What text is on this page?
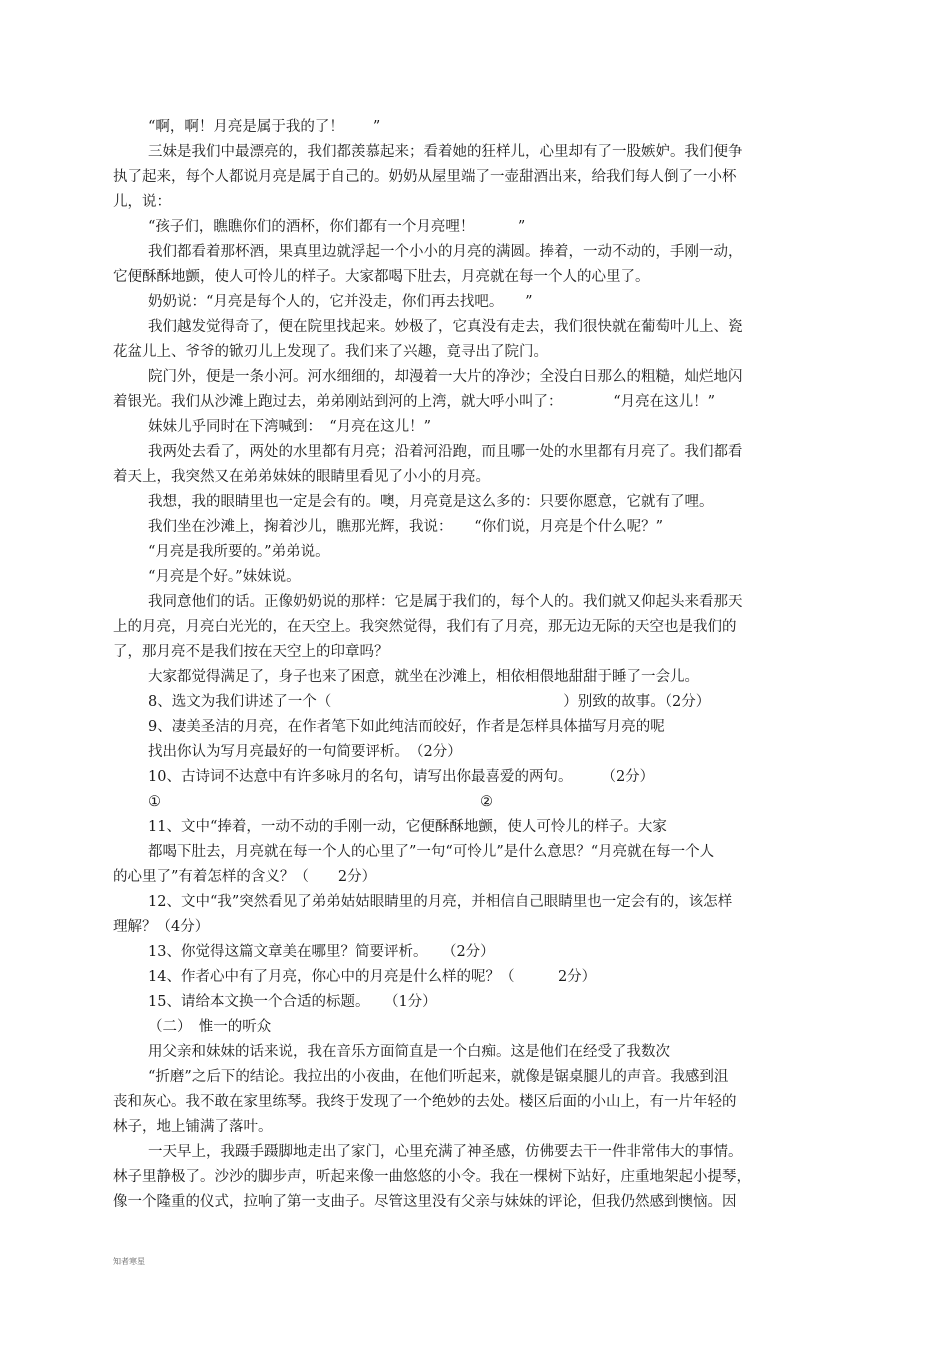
“啊，啊！月亮是属于我的了！　　”
三妹是我们中最漂亮的，我们都羡慕起来；看着她的狂样儿，心里却有了一股嫉妒。我们便争
执了起来，每个人都说月亮是属于自己的。奶奶从屋里端了一壶甜酒出来，给我们每人倒了一小杯
儿，说：
“孩子们，瞧瞧你们的酒杯，你们都有一个月亮哩！　　　”
我们都看着那杯酒，果真里边就浮起一个小小的月亮的满圆。捧着，一动不动的，手刚一动，
它便酥酥地颤，使人可怜儿的样子。大家都喝下肚去，月亮就在每一个人的心里了。
奶奶说：“月亮是每个人的，它并没走，你们再去找吧。　　”
我们越发觉得奇了，便在院里找起来。妙极了，它真没有走去，我们很快就在葡萄叶儿上、瓷
花盆儿上、爷爷的锨刃儿上发现了。我们来了兴趣，竟寻出了院门。
院门外，便是一条小河。河水细细的，却漫着一大片的净沙；全没白日那么的粗糙，灿烂地闪
着银光。我们从沙滩上跑过去，弟弟刚站到河的上湾，就大呼小叫了：　　　　“月亮在这儿！”
妹妹儿乎同时在下湾喊到：　“月亮在这儿！”
我两处去看了，两处的水里都有月亮；沿着河沿跑，而且哪一处的水里都有月亮了。我们都看
着天上，我突然又在弟弟妹妹的眼睛里看见了小小的月亮。
我想，我的眼睛里也一定是会有的。噢，月亮竟是这么多的：只要你愿意，它就有了哩。
我们坐在沙滩上，掬着沙儿，瞧那光辉，我说：　　“你们说，月亮是个什么呢？”
“月亮是我所要的。”弟弟说。
“月亮是个好。”妹妹说。
我同意他们的话。正像奶奶说的那样：它是属于我们的，每个人的。我们就又仰起头来看那天
上的月亮，月亮白光光的，在天空上。我突然觉得，我们有了月亮，那无边无际的天空也是我们的
了，那月亮不是我们按在天空上的印章吗？
大家都觉得满足了，身子也来了困意，就坐在沙滩上，相依相偎地甜甜于睡了一会儿。
8、选文为我们讲述了一个（　　　　　　　　　　　　　　　　）别致的故事。（2分）
9、凄美圣洁的月亮，在作者笔下如此纯洁而皎好，作者是怎样具体描写月亮的呢
找出你认为写月亮最好的一句简要评析。　（2分）
10、古诗词不达意中有许多咏月的名句，请写出你最喜爱的两句。　　　（2分）
①　　　　　　　　　　　　　　　　　　　　　　②
11、文中“捧着，一动不动的手刚一动，它便酥酥地颤，使人可怜儿的样子。大家
都喝下肚去，月亮就在每一个人的心里了”一句“可怜儿”是什么意思？“月亮就在每一个人
的心里了”有着怎样的含义？（　　2分）
12、文中“我”突然看见了弟弟姑姑眼睛里的月亮，并相信自己眼睛里也一定会有的，该怎样
理解？（4分）
13、你觉得这篇文章美在哪里？简要评析。　　（2分）
14、作者心中有了月亮，你心中的月亮是什么样的呢？（　　　2分）
15、请给本文换一个合适的标题。　　（1分）
（二）　惟一的听众
用父亲和妹妹的话来说，我在音乐方面简直是一个白痴。这是他们在经受了我数次
“折磨”之后下的结论。我拉出的小夜曲，在他们听起来，就像是锯桌腿儿的声音。我感到沮
丧和灰心。我不敢在家里练琴。我终于发现了一个绝妙的去处。楼区后面的小山上，有一片年轻的
林子，地上铺满了落叶。
一天早上，我蹑手蹑脚地走出了家门，心里充满了神圣感，仿佛要去干一件非常伟大的事情。
林子里静极了。沙沙的脚步声，听起来像一曲悠悠的小令。我在一棵树下站好，庄重地架起小提琴，
像一个隆重的仪式，拉响了第一支曲子。尽管这里没有父亲与妹妹的评论，但我仍然感到懊恼。因
知者寒星
